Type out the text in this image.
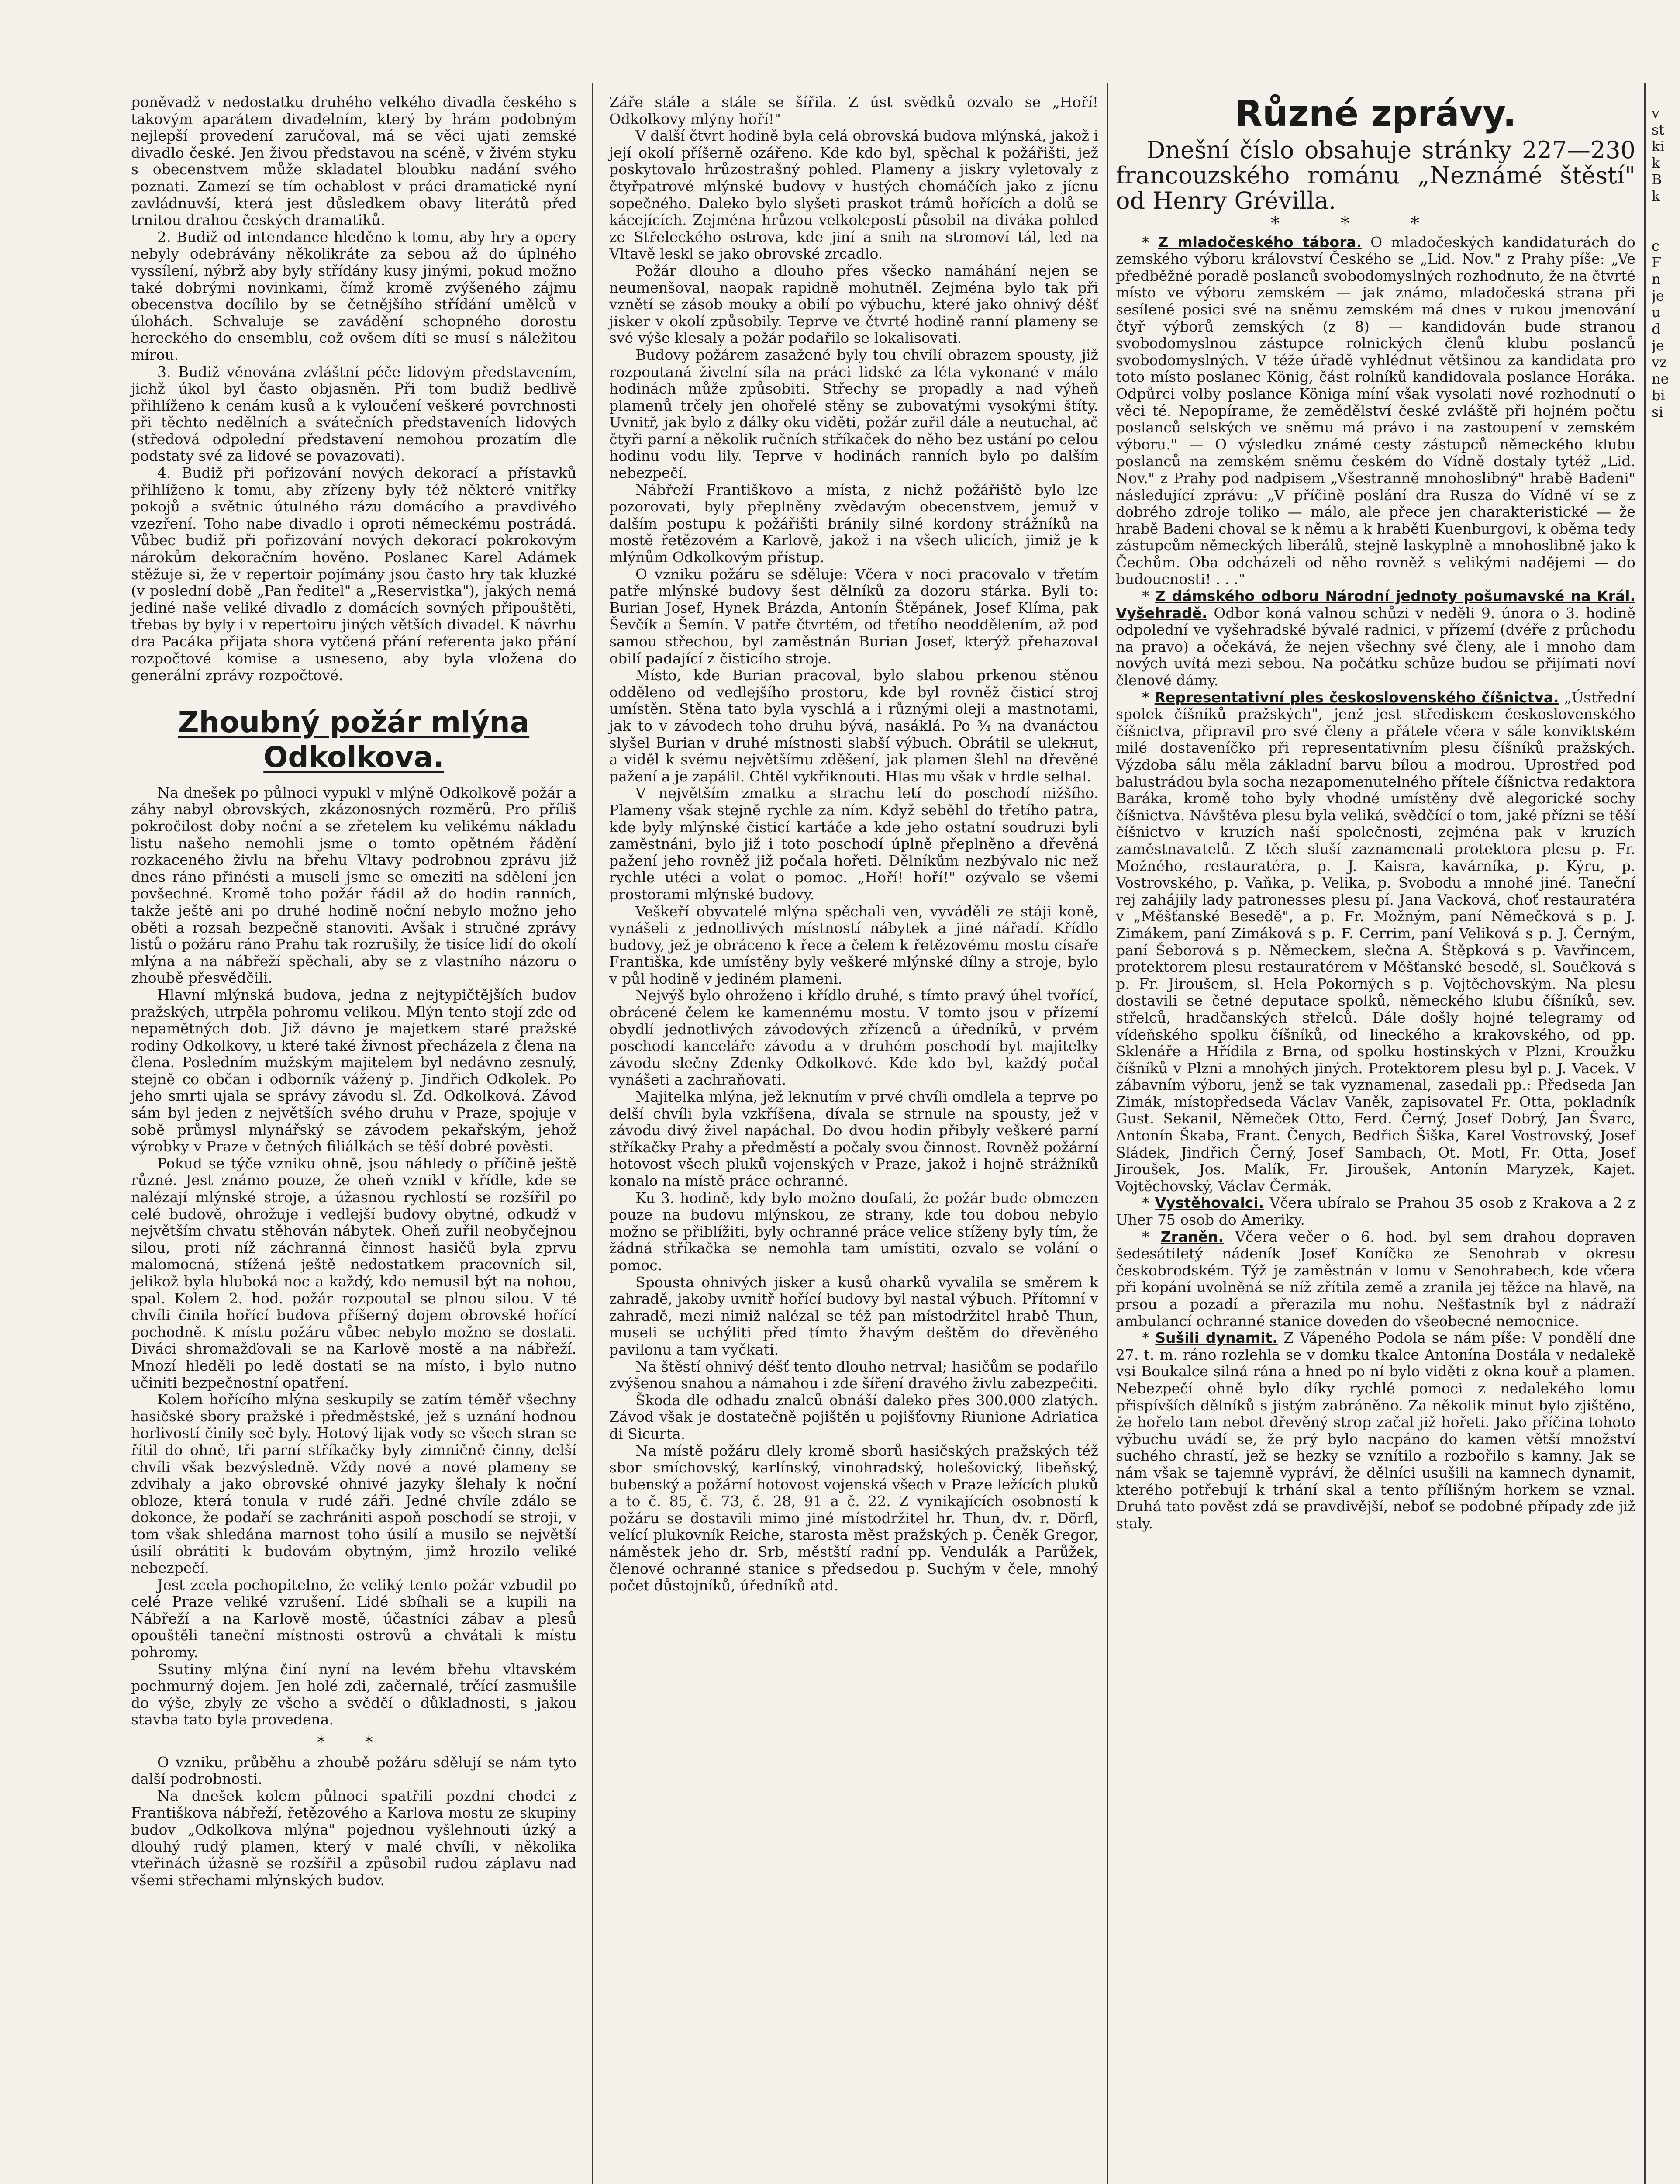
poněvadž v nedostatku druhého velkého divadla českého s takovým aparátem divadelním, který by hrám podobným nejlepší provedení zaručoval, má se věci ujati zemské divadlo české. Jen živou představou na scéně, v živém styku s obecenstvem může skladatel bloubku nadání svého poznati. Zamezí se tím ochablost v práci dramatické nyní zavládnuvší, která jest důsledkem obavy literátů před trnitou drahou českých dramatiků.

2. Budiž od intendance hleděno k tomu, aby hry a opery nebyly odebrávány několikráte za sebou až do úplného vyssílení, nýbrž aby byly střídány kusy jinými, pokud možno také dobrými novinkami, čímž kromě zvýšeného zájmu obecenstva docílilo by se četnějšího střídání umělců v úlohách. Schvaluje se zavádění schopného dorostu hereckého do ensemblu, což ovšem díti se musí s náležitou mírou.

3. Budiž věnována zvláštní péče lidovým představením, jichž úkol byl často objasněn. Při tom budiž bedlivě přihlíženo k cenám kusů a k vyloučení veškeré povrchnosti při těchto nedělních a svátečních představeních lidových (středová odpolední představení nemohou prozatím dle podstaty své za lidové se povazovati).

4. Budiž při pořizování nových dekorací a přístavků přihlíženo k tomu, aby zřízeny byly též některé vnitřky pokojů a světnic útulného rázu domácího a pravdivého vzezření. Toho nabe divadlo i oproti německému postrádá. Vůbec budiž při pořizování nových dekorací pokrokovým nárokům dekoračním hověno. Poslanec Karel Adámek stěžuje si, že v repertoir pojímány jsou často hry tak kluzké (v poslední době „Pan ředitel" a „Reservistka"), jakých nemá jediné naše veliké divadlo z domácích sovných připouštěti, třebas by byly i v repertoiru jiných větších divadel. K návrhu dra Pacáka přijata shora vytčená přání referenta jako přání rozpočtové komise a usneseno, aby byla vložena do generální zprávy rozpočtové.

Zhoubný požár mlýna Odkolkova.

Na dnešek po půlnoci vypukl v mlýně Odkolkově požár a záhy nabyl obrovských, zkázonosných rozměrů. Pro příliš pokročilost doby noční a se zřetelem ku velikému nákladu listu našeho nemohli jsme o tomto opětném řádění rozkaceného živlu na břehu Vltavy podrobnou zprávu již dnes ráno přinésti a museli jsme se omeziti na sdělení jen povšechné. Kromě toho požár řádil až do hodin ranních, takže ještě ani po druhé hodině noční nebylo možno jeho oběti a rozsah bezpečně stanoviti. Avšak i stručné zprávy listů o požáru ráno Prahu tak rozrušily, že tisíce lidí do okolí mlýna a na nábřeží spěchali, aby se z vlastního názoru o zhoubě přesvědčili.

Hlavní mlýnská budova, jedna z nejtypičtějších budov pražských, utrpěla pohromu velikou. Mlýn tento stojí zde od nepamětných dob. Již dávno je majetkem staré pražské rodiny Odkolkovy, u které také živnost přecházela z člena na člena. Posledním mužským majitelem byl nedávno zesnulý, stejně co občan i odborník vážený p. Jindřich Odkolek. Po jeho smrti ujala se správy závodu sl. Zd. Odkolková. Závod sám byl jeden z největších svého druhu v Praze, spojuje v sobě průmysl mlynářský se závodem pekařským, jehož výrobky v Praze v četných filiálkách se těší dobré pověsti.

Pokud se týče vzniku ohně, jsou náhledy o příčině ještě různé. Jest známo pouze, že oheň vznikl v křídle, kde se nalézají mlýnské stroje, a úžasnou rychlostí se rozšířil po celé budově, ohrožuje i vedlejší budovy obytné, odkudž v největším chvatu stěhován nábytek. Oheň zuřil neobyčejnou silou, proti níž záchranná činnost hasičů byla zprvu malomocná, stížená ještě nedostatkem pracovních sil, jelikož byla hluboká noc a každý, kdo nemusil být na nohou, spal. Kolem 2. hod. požár rozpoutal se plnou silou. V té chvíli činila hořící budova příšerný dojem obrovské hořící pochodně. K místu požáru vůbec nebylo možno se dostati. Diváci shromažďovali se na Karlově mostě a na nábřeží. Mnozí hleděli po ledě dostati se na místo, i bylo nutno učiniti bezpečnostní opatření.

Kolem hořícího mlýna seskupily se zatím téměř všechny hasičské sbory pražské i předměstské, jež s uznání hodnou horlivostí činily seč byly. Hotový lijak vody se všech stran se řítil do ohně, tři parní stříkačky byly zimničně činny, delší chvíli však bezvýsledně. Vždy nové a nové plameny se zdvihaly a jako obrovské ohnivé jazyky šlehaly k noční obloze, která tonula v rudé záři. Jedné chvíle zdálo se dokonce, že podaří se zachrániti aspoň poschodí se stroji, v tom však shledána marnost toho úsilí a musilo se největší úsilí obrátiti k budovám obytným, jimž hrozilo veliké nebezpečí.

Jest zcela pochopitelno, že veliký tento požár vzbudil po celé Praze veliké vzrušení. Lidé sbíhali se a kupili na Nábřeží a na Karlově mostě, účastníci zábav a plesů opouštěli taneční místnosti ostrovů a chvátali k místu pohromy.

Ssutiny mlýna činí nyní na levém břehu vltavském pochmurný dojem. Jen holé zdi, začernalé, trčící zasmušile do výše, zbyly ze všeho a svědčí o důkladnosti, s jakou stavba tato byla provedena.

* *

O vzniku, průběhu a zhoubě požáru sdělují se nám tyto další podrobnosti.

Na dnešek kolem půlnoci spatřili pozdní chodci z Františkova nábřeží, řetězového a Karlova mostu ze skupiny budov „Odkolkova mlýna" pojednou vyšlehnouti úzký a dlouhý rudý plamen, který v malé chvíli, v několika vteřinách úžasně se rozšířil a způsobil rudou záplavu nad všemi střechami mlýnských budov.

Záře stále a stále se šířila. Z úst svědků ozvalo se „Hoří! Odkolkovy mlýny hoří!"

V další čtvrt hodině byla celá obrovská budova mlýnská, jakož i její okolí příšerně ozářeno. Kde kdo byl, spěchal k požářišti, jež poskytovalo hrůzostrašný pohled. Plameny a jiskry vyletovaly z čtyřpatrové mlýnské budovy v hustých chomáčích jako z jícnu sopečného. Daleko bylo slyšeti praskot trámů hořících a dolů se kácejících. Zejména hrůzou velkolepostí působil na diváka pohled ze Střeleckého ostrova, kde jiní a snih na stromoví tál, led na Vltavě leskl se jako obrovské zrcadlo.

Požár dlouho a dlouho přes všecko namáhání nejen se neumenšoval, naopak rapidně mohutněl. Zejména bylo tak při vznětí se zásob mouky a obilí po výbuchu, které jako ohnivý déšť jisker v okolí způsobily. Teprve ve čtvrté hodině ranní plameny se své výše klesaly a požár podařilo se lokalisovati.

Budovy požárem zasažené byly tou chvílí obrazem spousty, již rozpoutaná živelní síla na práci lidské za léta vykonané v málo hodinách může způsobiti. Střechy se propadly a nad výheň plamenů trčely jen ohořelé stěny se zubovatými vysokými štíty. Uvnitř, jak bylo z dálky oku viděti, požár zuřil dále a neutuchal, ač čtyři parní a několik ručních stříkaček do něho bez ustání po celou hodinu vodu lily. Teprve v hodinách ranních bylo po dalším nebezpečí.

Nábřeží Františkovo a místa, z nichž požářiště bylo lze pozorovati, byly přeplněny zvědavým obecenstvem, jemuž v dalším postupu k požářišti bránily silné kordony strážníků na mostě řetězovém a Karlově, jakož i na všech ulicích, jimiž je k mlýnům Odkolkovým přístup.

O vzniku požáru se sděluje: Včera v noci pracovalo v třetím patře mlýnské budovy šest dělníků za dozoru stárka. Byli to: Burian Josef, Hynek Brázda, Antonín Štěpánek, Josef Klíma, pak Ševčík a Šemín. V patře čtvrtém, od třetího neoddělením, až pod samou střechou, byl zaměstnán Burian Josef, kterýž přehazoval obilí padající z čisticího stroje.

Místo, kde Burian pracoval, bylo slabou prkenou stěnou odděleno od vedlejšího prostoru, kde byl rovněž čisticí stroj umístěn. Stěna tato byla vyschlá a i různými oleji a mastnotami, jak to v závodech toho druhu bývá, nasáklá. Po ¾ na dvanáctou slyšel Burian v druhé místnosti slabší výbuch. Obrátil se ulekнut, a viděl k svému největšímu zděšení, jak plamen šlehl na dřevěné pažení a je zapálil. Chtěl vykřiknouti. Hlas mu však v hrdle selhal.

V největším zmatku a strachu letí do poschodí nižšího. Plameny však stejně rychle za ním. Když seběhl do třetího patra, kde byly mlýnské čisticí kartáče a kde jeho ostatní soudruzi byli zaměstnáni, bylo již i toto poschodí úplně přeplněno a dřevěná pažení jeho rovněž již počala hořeti. Dělníkům nezbývalo nic než rychle utéci a volat o pomoc. „Hoří! hoří!" ozývalo se všemi prostorami mlýnské budovy.

Veškeří obyvatelé mlýna spěchali ven, vyváděli ze stáji koně, vynášeli z jednotlivých místností nábytek a jiné nářadí. Křídlo budovy, jež je obráceno k řece a čelem k řetězovému mostu císaře Františka, kde umístěny byly veškeré mlýnské dílny a stroje, bylo v půl hodině v jediném plameni.

Nejvýš bylo ohroženo i křídlo druhé, s tímto pravý úhel tvořící, obrácené čelem ke kamennému mostu. V tomto jsou v přízemí obydlí jednotlivých závodových zřízenců a úředníků, v prvém poschodí kanceláře závodu a v druhém poschodí byt majitelky závodu slečny Zdenky Odkolkové. Kde kdo byl, každý počal vynášeti a zachraňovati.

Majitelka mlýna, jež leknutím v prvé chvíli omdlela a teprve po delší chvíli byla vzkříšena, dívala se strnule na spousty, jež v závodu divý živel napáchal. Do dvou hodin přibyly veškeré parní stříkačky Prahy a předměstí a počaly svou činnost. Rovněž požární hotovost všech pluků vojenských v Praze, jakož i hojně strážníků konalo na místě práce ochranné.

Ku 3. hodině, kdy bylo možno doufati, že požár bude obmezen pouze na budovu mlýnskou, ze strany, kde tou dobou nebylo možno se přiblížiti, byly ochranné práce velice stíženy byly tím, že žádná stříkačka se nemohla tam umístiti, ozvalo se volání o pomoc.

Spousta ohnivých jisker a kusů oharků vyvalila se směrem k zahradě, jakoby uvnitř hořící budovy byl nastal výbuch. Přítomní v zahradě, mezi nimiž nalézal se též pan místodržitel hrabě Thun, museli se uchýliti před tímto žhavým deštěm do dřevěného pavilonu a tam vyčkati.

Na štěstí ohnivý déšť tento dlouho netrval; hasičům se podařilo zvýšenou snahou a námahou i zde šíření dravého živlu zabezpečiti.

Škoda dle odhadu znalců obnáší daleko přes 300.000 zlatých. Závod však je dostatečně pojištěn u pojišťovny Riunione Adriatica di Sicurta.

Na místě požáru dlely kromě sborů hasičských pražských též sbor smíchovský, karlínský, vinohradský, holešovický, libeňský, bubenský a požární hotovost vojenská všech v Praze ležících pluků a to č. 85, č. 73, č. 28, 91 a č. 22. Z vynikajících osobností k požáru se dostavili mimo jiné místodržitel hr. Thun, dv. r. Dörfl, velící plukovník Reiche, starosta měst pražských p. Čeněk Gregor, náměstek jeho dr. Srb, městští radní pp. Vendulák a Parůžek, členové ochranné stanice s předsedou p. Suchým v čele, mnohý počet důstojníků, úředníků atd.

Různé zprávy.

Dnešní číslo obsahuje stránky 227—230 francouzského románu „Neznámé štěstí" od Henry Grévilla.

***

* Z mladočeského tábora. O mladočeských kandidaturách do zemského výboru království Českého se „Lid. Nov." z Prahy píše: „Ve předběžné poradě poslanců svobodomyslných rozhodnuto, že na čtvrté místo ve výboru zemském — jak známo, mladočeská strana při sesílené posici své na sněmu zemském má dnes v rukou jmenování čtyř výborů zemských (z 8) — kandidován bude stranou svobodomyslnou zástupce rolnických členů klubu poslanců svobodomyslných. V téže úřadě vyhlédnut většinou za kandidata pro toto místo poslanec König, část rolníků kandidovala poslance Horáka. Odpůrci volby poslance Königa míní však vysolati nové rozhodnutí o věci té. Nepopírame, že zemědělství české zvláště při hojném počtu poslanců selských ve sněmu má právo i na zastoupení v zemském výboru." — O výsledku známé cesty zástupců německého klubu poslanců na zemském sněmu českém do Vídně dostaly tytéž „Lid. Nov." z Prahy pod nadpisem „Všestranně mnohoslibný" hrabě Badeni" následující zprávu: „V příčině poslání dra Rusza do Vídně ví se z dobrého zdroje toliko — málo, ale přece jen charakteristické — že hrabě Badeni choval se k němu a k hraběti Kuenburgovi, k oběma tedy zástupcům německých liberálů, stejně laskyplně a mnohoslibně jako k Čechům. Oba odcházeli od něho rovněž s velikými nadějemi — do budoucnosti! . . ."

* Z dámského odboru Národní jednoty pošumavské na Král. Vyšehradě. Odbor koná valnou schůzi v neděli 9. února o 3. hodině odpolední ve vyšehradské bývalé radnici, v přízemí (dvéře z průchodu na pravo) a očekává, že nejen všechny své členy, ale i mnoho dam nových uvítá mezi sebou. Na počátku schůze budou se přijímati noví členové dámy.

* Representativní ples československého číšnictva. „Ústřední spolek číšníků pražských", jenž jest střediskem československého číšnictva, připravil pro své členy a přátele včera v sále konviktském milé dostaveníčko při representativním plesu číšníků pražských. Výzdoba sálu měla základní barvu bílou a modrou. Uprostřed pod balustrádou byla socha nezapomenutelného přítele číšnictva redaktora Baráka, kromě toho byly vhodné umístěny dvě alegorické sochy číšnictva. Návštěva plesu byla veliká, svědčící o tom, jaké přízni se těší číšnictvo v kruzích naší společnosti, zejména pak v kruzích zaměstnavatelů. Z těch sluší zaznamenati protektora plesu p. Fr. Možného, restauratéra, p. J. Kaisra, kavárníka, p. Kýru, p. Vostrovského, p. Vaňka, p. Velika, p. Svobodu a mnohé jiné. Taneční rej zahájily lady patronesses plesu pí. Jana Vacková, choť restauratéra v „Měšťanské Besedě", a p. Fr. Možným, paní Němečková s p. J. Zimákem, paní Zimáková s p. F. Cerrim, paní Veliková s p. J. Černým, paní Šeborová s p. Německem, slečna A. Štěpková s p. Vavřincem, protektorem plesu restauratérem v Měšťanské besedě, sl. Součková s p. Fr. Jiroušem, sl. Hela Pokorných s p. Vojtěchovským. Na plesu dostavili se četné deputace spolků, německého klubu číšníků, sev. střelců, hradčanských střelců. Dále došly hojné telegramy od vídeňského spolku číšníků, od lineckého a krakovského, od pp. Sklenáře a Hřídila z Brna, od spolku hostinských v Plzni, Kroužku číšníků v Plzni a mnohých jiných. Protektorem plesu byl p. J. Vacek. V zábavním výboru, jenž se tak vyznamenal, zasedali pp.: Předseda Jan Zimák, místopředseda Václav Vaněk, zapisovatel Fr. Otta, pokladník Gust. Sekanil, Němeček Otto, Ferd. Černý, Josef Dobrý, Jan Švarc, Antonín Škaba, Frant. Čenych, Bedřich Šiška, Karel Vostrovský, Josef Sládek, Jindřich Černý, Josef Sambach, Ot. Motl, Fr. Otta, Josef Jiroušek, Jos. Malík, Fr. Jiroušek, Antonín Maryzek, Kajet. Vojtěchovský, Václav Čermák.

* Vystěhovalci. Včera ubíralo se Prahou 35 osob z Krakova a 2 z Uher 75 osob do Ameriky.

* Zraněn. Včera večer o 6. hod. byl sem drahou dopraven šedesátiletý nádeník Josef Koníčka ze Senohrab v okresu českobrodském. Týž je zaměstnán v lomu v Senohrabech, kde včera při kopání uvolněná se níž zřítila země a zranila jej těžce na hlavě, na prsou a pozadí a přerazila mu nohu. Nešťastník byl z nádraží ambulancí ochranné stanice doveden do všeobecné nemocnice.

* Sušili dynamit. Z Vápeného Podola se nám píše: V pondělí dne 27. t. m. ráno rozlehla se v domku tkalce Antonína Dostála v nedalekě vsi Boukalce silná rána a hned po ní bylo viděti z okna kouř a plamen. Nebezpečí ohně bylo díky rychlé pomoci z nedalekého lomu přispívších dělníků s jistým zabráněno. Za několik minut bylo zjištěno, že hořelo tam nebot dřevěný strop začal již hořeti. Jako příčina tohoto výbuchu uvádí se, že prý bylo nacpáno do kamen větší množství suchého chrastí, jež se hezky se vznítilo a rozbořilo s kamny. Jak se nám však se tajemně vypráví, že dělníci usušili na kamnech dynamit, kterého potřebují k trhání skal a tento přílišným horkem se vznal. Druhá tato pověst zdá se pravdivější, neboť se podobné případy zde již staly.

v
st
ki
k
B
k

c
F
n
je
u
d
je
vz
ne
bi
si
